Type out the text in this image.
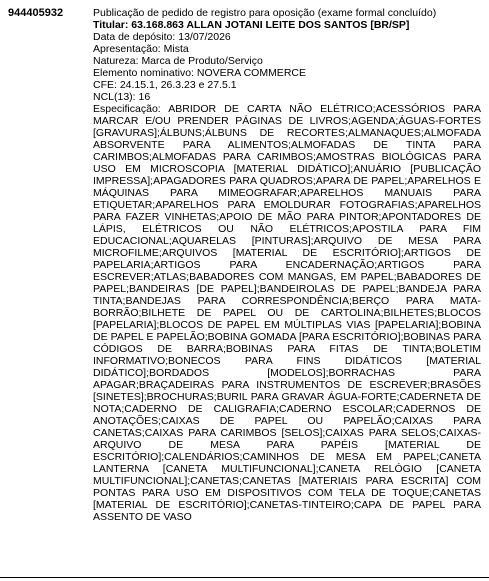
944405932	Publicação de pedido de registro para oposição (exame formal concluído)
Titular: 63.168.863 ALLAN JOTANI LEITE DOS SANTOS [BR/SP]
Data de depósito: 13/07/2026
Apresentação: Mista
Natureza: Marca de Produto/Serviço
Elemento nominativo: NOVERA COMMERCE
CFE: 24.15.1, 26.3.23 e 27.5.1
NCL(13): 16
Especificação: ABRIDOR DE CARTA NÃO ELÉTRICO;ACESSÓRIOS PARA MARCAR E/OU PRENDER PÁGINAS DE LIVROS;AGENDA;ÁGUAS-FORTES [GRAVURAS];ÁLBUNS;ÁLBUNS DE RECORTES;ALMANAQUES;ALMOFADA ABSORVENTE PARA ALIMENTOS;ALMOFADAS DE TINTA PARA CARIMBOS;ALMOFADAS PARA CARIMBOS;AMOSTRAS BIOLÓGICAS PARA USO EM MICROSCOPIA [MATERIAL DIDÁTICO];ANUÁRIO [PUBLICAÇÃO IMPRESSA];APAGADORES PARA QUADROS;APARA DE PAPEL;APARELHOS E MÁQUINAS PARA MIMEOGRAFAR;APARELHOS MANUAIS PARA ETIQUETAR;APARELHOS PARA EMOLDURAR FOTOGRAFIAS;APARELHOS PARA FAZER VINHETAS;APOIO DE MÃO PARA PINTOR;APONTADORES DE LÁPIS, ELÉTRICOS OU NÃO ELÉTRICOS;APOSTILA PARA FIM EDUCACIONAL;AQUARELAS [PINTURAS];ARQUIVO DE MESA PARA MICROFILME;ARQUIVOS [MATERIAL DE ESCRITÓRIO];ARTIGOS DE PAPELARIA;ARTIGOS PARA ENCADERNAÇÃO;ARTIGOS PARA ESCREVER;ATLAS;BABADORES COM MANGAS, EM PAPEL;BABADORES DE PAPEL;BANDEIRAS [DE PAPEL];BANDEIROLAS DE PAPEL;BANDEJA PARA TINTA;BANDEJAS PARA CORRESPONDÊNCIA;BERÇO PARA MATA-BORRÃO;BILHETE DE PAPEL OU DE CARTOLINA;BILHETES;BLOCOS [PAPELARIA];BLOCOS DE PAPEL EM MÚLTIPLAS VIAS [PAPELARIA];BOBINA DE PAPEL E PAPELÃO;BOBINA GOMADA [PARA ESCRITÓRIO];BOBINAS PARA CÓDIGOS DE BARRA;BOBINAS PARA FITAS DE TINTA;BOLETIM INFORMATIVO;BONECOS PARA FINS DIDÁTICOS [MATERIAL DIDÁTICO];BORDADOS [MODELOS];BORRACHAS PARA APAGAR;BRAÇADEIRAS PARA INSTRUMENTOS DE ESCREVER;BRASÕES [SINETES];BROCHURAS;BURIL PARA GRAVAR ÁGUA-FORTE;CADERNETA DE NOTA;CADERNO DE CALIGRAFIA;CADERNO ESCOLAR;CADERNOS DE ANOTAÇÕES;CAIXAS DE PAPEL OU PAPELÃO;CAIXAS PARA CANETAS;CAIXAS PARA CARIMBOS [SELOS];CAIXAS PARA SELOS;CAIXAS-ARQUIVO DE MESA PARA PAPÉIS [MATERIAL DE ESCRITÓRIO];CALENDÁRIOS;CAMINHOS DE MESA EM PAPEL;CANETA LANTERNA [CANETA MULTIFUNCIONAL];CANETA RELÓGIO [CANETA MULTIFUNCIONAL];CANETAS;CANETAS [MATERIAIS PARA ESCRITA] COM PONTAS PARA USO EM DISPOSITIVOS COM TELA DE TOQUE;CANETAS [MATERIAL DE ESCRITÓRIO];CANETAS-TINTEIRO;CAPA DE PAPEL PARA ASSENTO DE VASO
